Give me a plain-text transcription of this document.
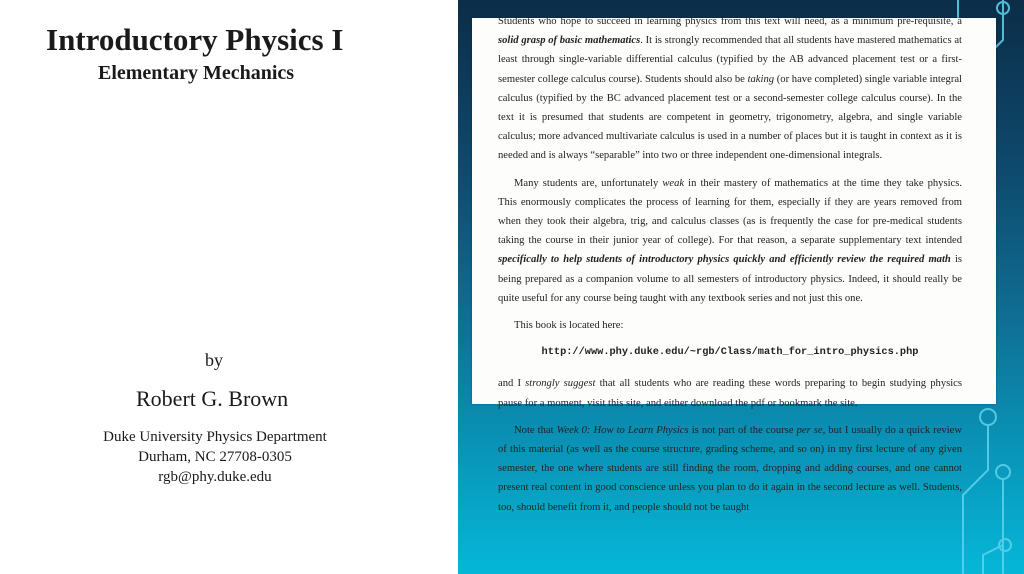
Introductory Physics I
Elementary Mechanics
by
Robert G. Brown
Duke University Physics Department
Durham, NC 27708-0305
rgb@phy.duke.edu

Students who hope to succeed in learning physics from this text will need, as a minimum pre-requisite, a solid grasp of basic mathematics. It is strongly recommended that all students have mastered mathematics at least through single-variable differential calculus (typified by the AB advanced placement test or a first-semester college calculus course). Students should also be taking (or have completed) single variable integral calculus (typified by the BC advanced placement test or a second-semester college calculus course). In the text it is presumed that students are competent in geometry, trigonometry, algebra, and single variable calculus; more advanced multivariate calculus is used in a number of places but it is taught in context as it is needed and is always “separable” into two or three independent one-dimensional integrals.

Many students are, unfortunately weak in their mastery of mathematics at the time they take physics. This enormously complicates the process of learning for them, especially if they are years removed from when they took their algebra, trig, and calculus classes (as is frequently the case for pre-medical students taking the course in their junior year of college). For that reason, a separate supplementary text intended specifically to help students of introductory physics quickly and efficiently review the required math is being prepared as a companion volume to all semesters of introductory physics. Indeed, it should really be quite useful for any course being taught with any textbook series and not just this one.

This book is located here:

http://www.phy.duke.edu/~rgb/Class/math_for_intro_physics.php

and I strongly suggest that all students who are reading these words preparing to begin studying physics pause for a moment, visit this site, and either download the pdf or bookmark the site.

Note that Week 0: How to Learn Physics is not part of the course per se, but I usually do a quick review of this material (as well as the course structure, grading scheme, and so on) in my first lecture of any given semester, the one where students are still finding the room, dropping and adding courses, and one cannot present real content in good conscience unless you plan to do it again in the second lecture as well. Students, too, should benefit from it, and people should not be taught
